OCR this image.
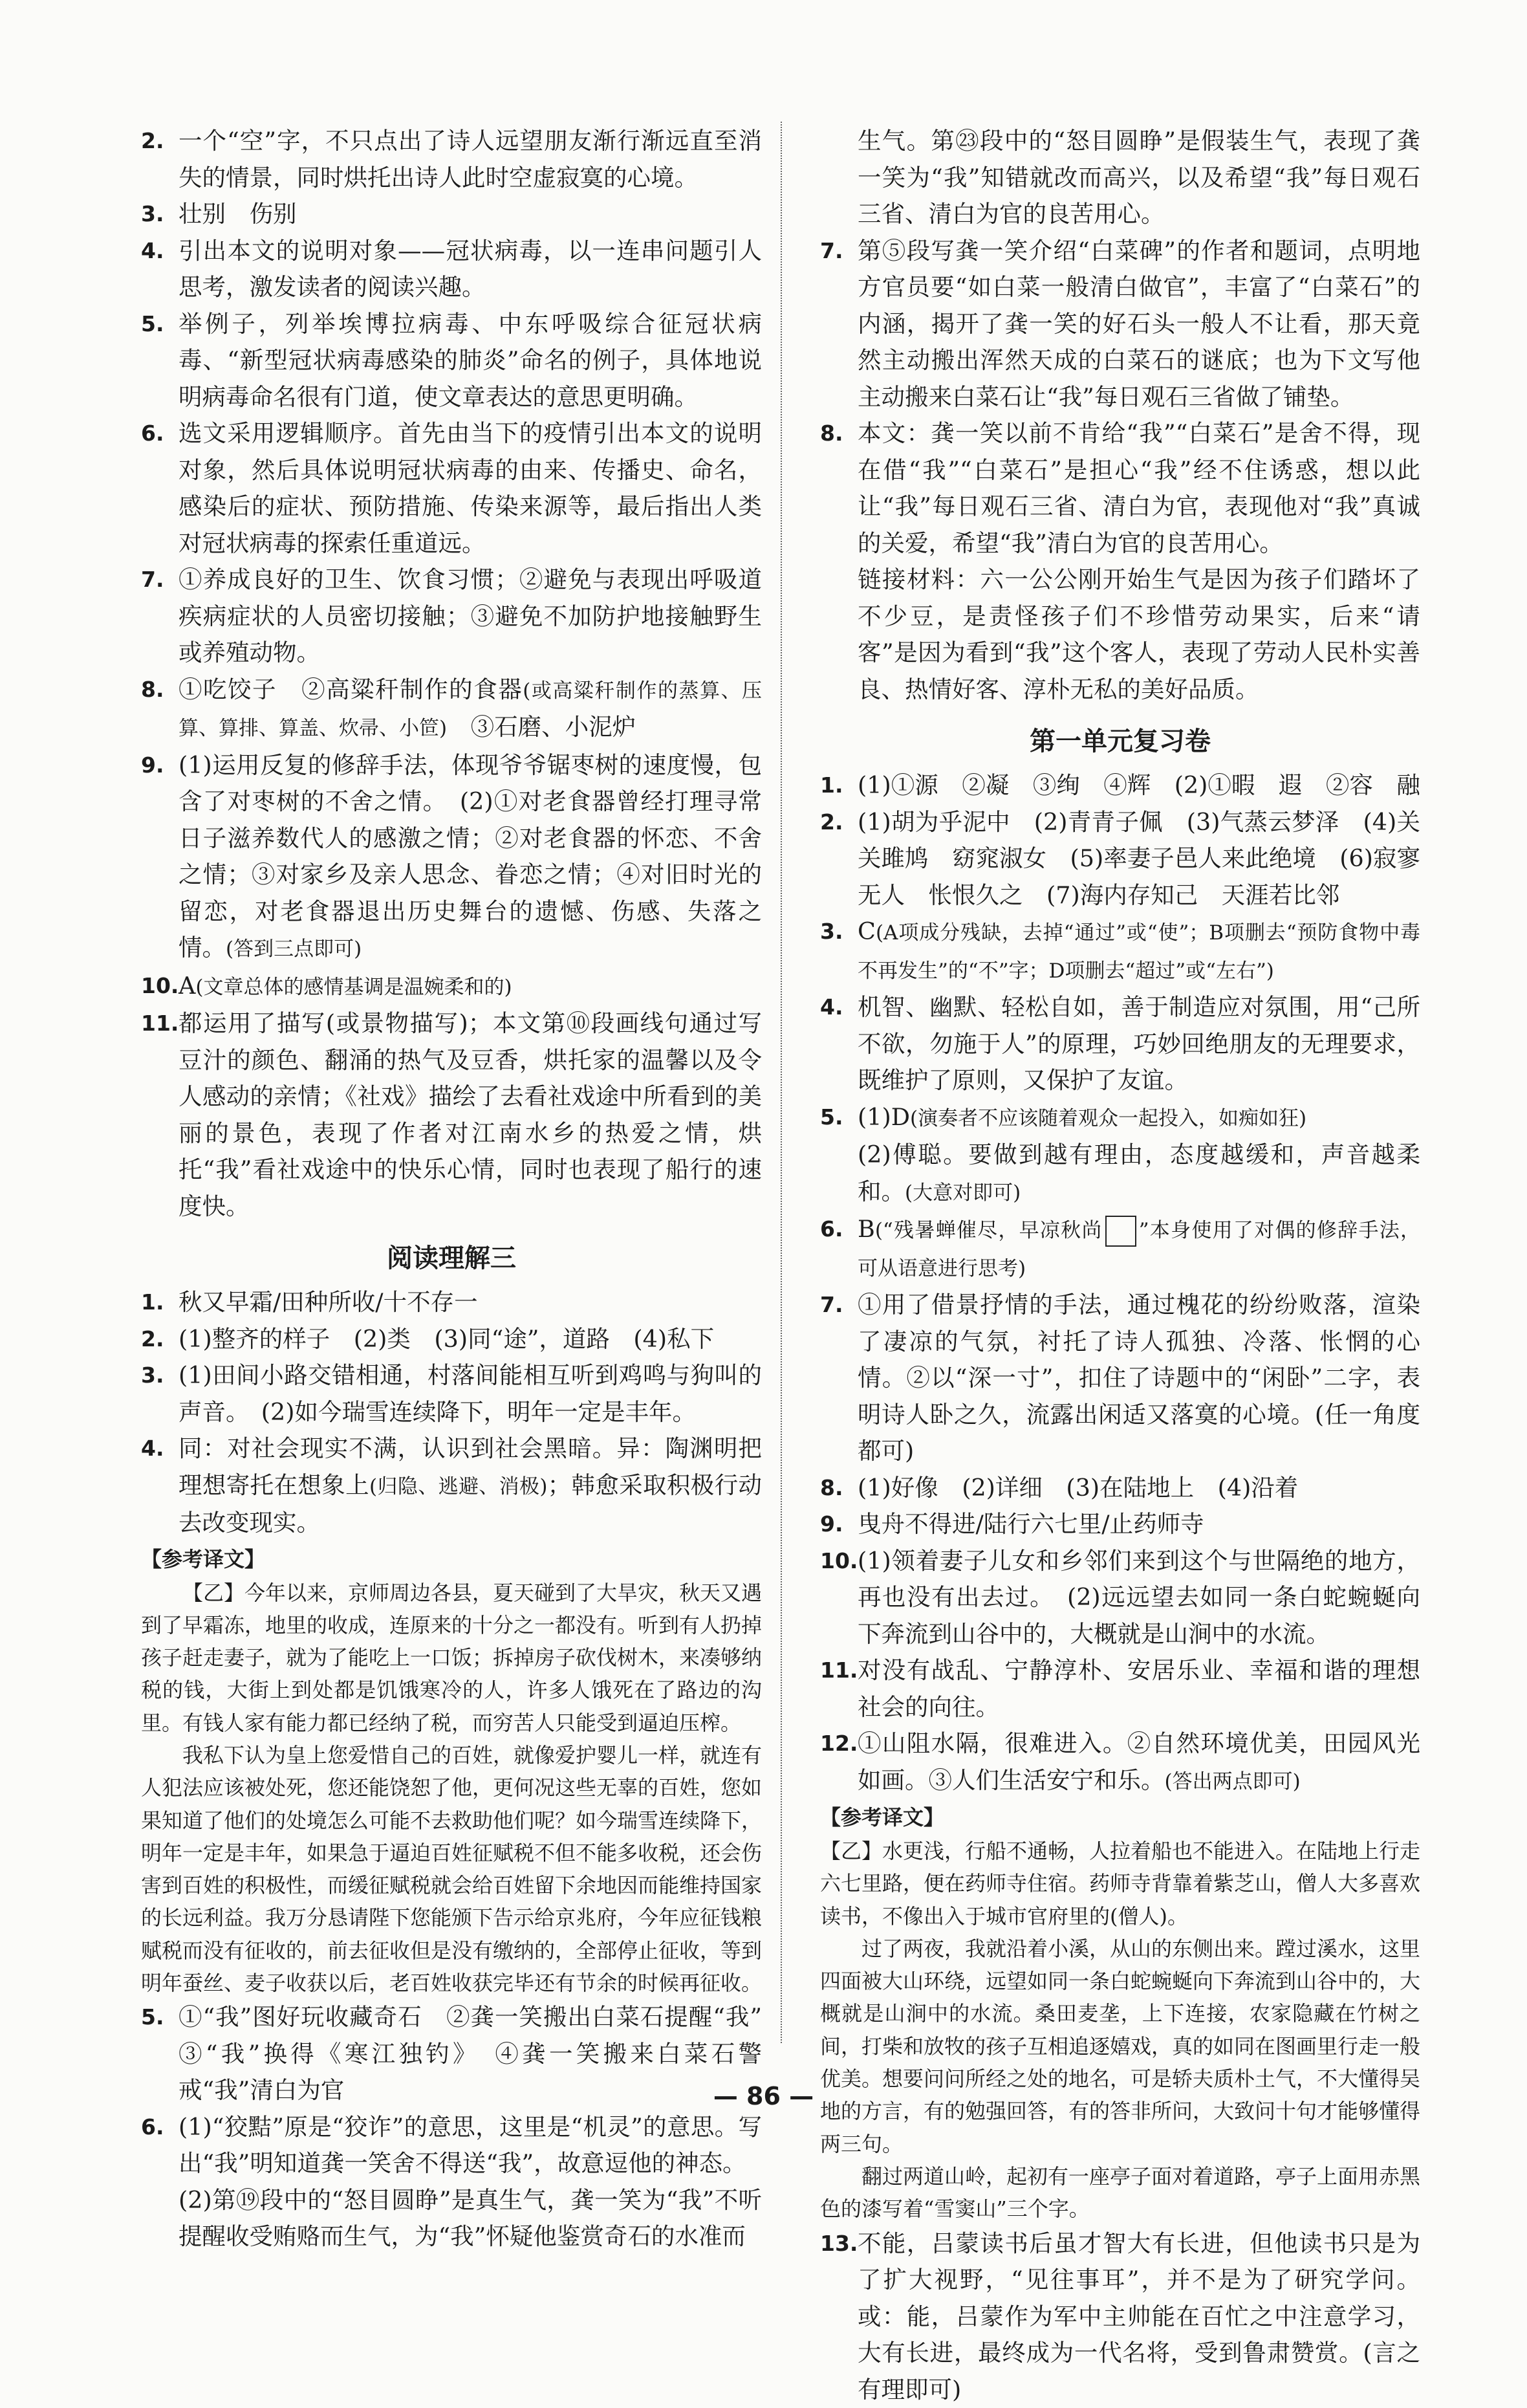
2. 一个“空”字，不只点出了诗人远望朋友渐行渐远直至消失的情景，同时烘托出诗人此时空虚寂寞的心境。
3. 壮别　伤别
4. 引出本文的说明对象——冠状病毒，以一连串问题引人思考，激发读者的阅读兴趣。
5. 举例子，列举埃博拉病毒、中东呼吸综合征冠状病毒、“新型冠状病毒感染的肺炎”命名的例子，具体地说明病毒命名很有门道，使文章表达的意思更明确。
6. 选文采用逻辑顺序。首先由当下的疫情引出本文的说明对象，然后具体说明冠状病毒的由来、传播史、命名，感染后的症状、预防措施、传染来源等，最后指出人类对冠状病毒的探索任重道远。
7. ①养成良好的卫生、饮食习惯；②避免与表现出呼吸道疾病症状的人员密切接触；③避免不加防护地接触野生或养殖动物。
8. ①吃饺子　②高粱秆制作的食器(或高粱秆制作的蒸算、压算、算排、算盖、炊帚、小笸)　③石磨、小泥炉
9. (1)运用反复的修辞手法，体现爷爷锯枣树的速度慢，包含了对枣树的不舍之情。　(2)①对老食器曾经打理寻常日子滋养数代人的感激之情；②对老食器的怀恋、不舍之情；③对家乡及亲人思念、眷恋之情；④对旧时光的留恋，对老食器退出历史舞台的遗憾、伤感、失落之情。(答到三点即可)
10. A(文章总体的感情基调是温婉柔和的)
11. 都运用了描写(或景物描写)；本文第⑩段画线句通过写豆汁的颜色、翻涌的热气及豆香，烘托家的温馨以及令人感动的亲情；《社戏》描绘了去看社戏途中所看到的美丽的景色，表现了作者对江南水乡的热爱之情，烘托“我”看社戏途中的快乐心情，同时也表现了船行的速度快。
阅读理解三
1. 秋又早霜/田种所收/十不存一
2. (1)整齐的样子　(2)类　(3)同“途”，道路　(4)私下
3. (1)田间小路交错相通，村落间能相互听到鸡鸣与狗叫的声音。　(2)如今瑞雪连续降下，明年一定是丰年。
4. 同：对社会现实不满，认识到社会黑暗。异：陶渊明把理想寄托在想象上(归隐、逃避、消极)；韩愈采取积极行动去改变现实。
【参考译文】

【乙】今年以来，京师周边各县，夏天碰到了大旱灾，秋天又遇到了早霜冻，地里的收成，连原来的十分之一都没有。听到有人扔掉孩子赶走妻子，就为了能吃上一口饭；拆掉房子砍伐树木，来凑够纳税的钱，大街上到处都是饥饿寒冷的人，许多人饿死在了路边的沟里。有钱人家有能力都已经纳了税，而穷苦人只能受到逼迫压榨。

我私下认为皇上您爱惜自己的百姓，就像爱护婴儿一样，就连有人犯法应该被处死，您还能饶恕了他，更何况这些无辜的百姓，您如果知道了他们的处境怎么可能不去救助他们呢？如今瑞雪连续降下，明年一定是丰年，如果急于逼迫百姓征赋税不但不能多收税，还会伤害到百姓的积极性，而缓征赋税就会给百姓留下余地因而能维持国家的长远利益。我万分恳请陛下您能颁下告示给京兆府，今年应征钱粮赋税而没有征收的，前去征收但是没有缴纳的，全部停止征收，等到明年蚕丝、麦子收获以后，老百姓收获完毕还有节余的时候再征收。

5. ①“我”图好玩收藏奇石　②龚一笑搬出白菜石提醒“我”　③“我”换得《寒江独钓》　④龚一笑搬来白菜石警戒“我”清白为官
6. (1)“狡黠”原是“狡诈”的意思，这里是“机灵”的意思。写出“我”明知道龚一笑舍不得送“我”，故意逗他的神态。
(2)第⑲段中的“怒目圆睁”是真生气，龚一笑为“我”不听提醒收受贿赂而生气，为“我”怀疑他鉴赏奇石的水准而
生气。第㉓段中的“怒目圆睁”是假装生气，表现了龚一笑为“我”知错就改而高兴，以及希望“我”每日观石三省、清白为官的良苦用心。
7. 第⑤段写龚一笑介绍“白菜碑”的作者和题词，点明地方官员要“如白菜一般清白做官”，丰富了“白菜石”的内涵，揭开了龚一笑的好石头一般人不让看，那天竟然主动搬出浑然天成的白菜石的谜底；也为下文写他主动搬来白菜石让“我”每日观石三省做了铺垫。
8. 本文：龚一笑以前不肯给“我”“白菜石”是舍不得，现在借“我”“白菜石”是担心“我”经不住诱惑，想以此让“我”每日观石三省、清白为官，表现他对“我”真诚的关爱，希望“我”清白为官的良苦用心。
链接材料：六一公公刚开始生气是因为孩子们踏坏了不少豆，是责怪孩子们不珍惜劳动果实，后来“请客”是因为看到“我”这个客人，表现了劳动人民朴实善良、热情好客、淳朴无私的美好品质。
第一单元复习卷
1. (1)①源　②凝　③绚　④辉　(2)①暇　遐　②容　融
2. (1)胡为乎泥中　(2)青青子佩　(3)气蒸云梦泽　(4)关关雎鸠　窈窕淑女　(5)率妻子邑人来此绝境　(6)寂寥无人　怅恨久之　(7)海内存知己　天涯若比邻
3. C(A项成分残缺，去掉“通过”或“使”；B项删去“预防食物中毒不再发生”的“不”字；D项删去“超过”或“左右”)
4. 机智、幽默、轻松自如，善于制造应对氛围，用“己所不欲，勿施于人”的原理，巧妙回绝朋友的无理要求，既维护了原则，又保护了友谊。
5. (1)D(演奏者不应该随着观众一起投入，如痴如狂)
(2)傅聪。要做到越有理由，态度越缓和，声音越柔和。(大意对即可)
6. B(“残暑蝉催尽，早凉秋尚 ”本身使用了对偶的修辞手法，可从语意进行思考)
7. ①用了借景抒情的手法，通过槐花的纷纷败落，渲染了凄凉的气氛，衬托了诗人孤独、冷落、怅惘的心情。②以“深一寸”，扣住了诗题中的“闲卧”二字，表明诗人卧之久，流露出闲适又落寞的心境。(任一角度都可)
8. (1)好像　(2)详细　(3)在陆地上　(4)沿着
9. 曳舟不得进/陆行六七里/止药师寺
10. (1)领着妻子儿女和乡邻们来到这个与世隔绝的地方，再也没有出去过。　(2)远远望去如同一条白蛇蜿蜒向下奔流到山谷中的，大概就是山涧中的水流。
11. 对没有战乱、宁静淳朴、安居乐业、幸福和谐的理想社会的向往。
12. ①山阻水隔，很难进入。②自然环境优美，田园风光如画。③人们生活安宁和乐。(答出两点即可)
【参考译文】

【乙】水更浅，行船不通畅，人拉着船也不能进入。在陆地上行走六七里路，便在药师寺住宿。药师寺背靠着紫芝山，僧人大多喜欢读书，不像出入于城市官府里的(僧人)。

过了两夜，我就沿着小溪，从山的东侧出来。蹚过溪水，这里四面被大山环绕，远望如同一条白蛇蜿蜒向下奔流到山谷中的，大概就是山涧中的水流。桑田麦垄，上下连接，农家隐藏在竹树之间，打柴和放牧的孩子互相追逐嬉戏，真的如同在图画里行走一般优美。想要问问所经之处的地名，可是轿夫质朴土气，不大懂得吴地的方言，有的勉强回答，有的答非所问，大致问十句才能够懂得两三句。

翻过两道山岭，起初有一座亭子面对着道路，亭子上面用赤黑色的漆写着“雪窦山”三个字。

13. 不能，吕蒙读书后虽才智大有长进，但他读书只是为了扩大视野，“见往事耳”，并不是为了研究学问。或：能，吕蒙作为军中主帅能在百忙之中注意学习，大有长进，最终成为一代名将，受到鲁肃赞赏。(言之有理即可)
— 86 —
